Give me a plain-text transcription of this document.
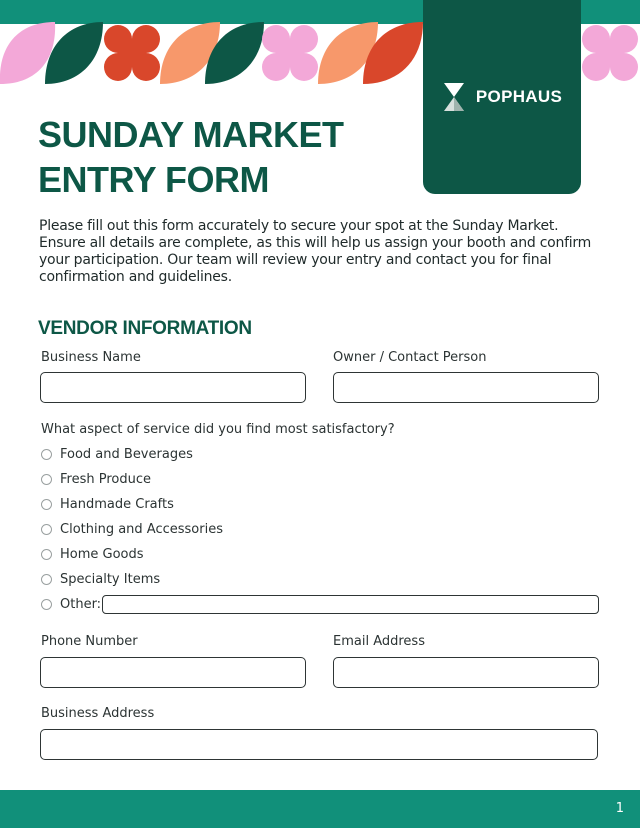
POPHAUS
SUNDAY MARKET
ENTRY FORM

Please fill out this form accurately to secure your spot at the Sunday Market. Ensure all details are complete, as this will help us assign your booth and confirm your participation. Our team will review your entry and contact you for final confirmation and guidelines.

VENDOR INFORMATION
Business Name	Owner / Contact Person
What aspect of service did you find most satisfactory?
Food and Beverages
Fresh Produce
Handmade Crafts
Clothing and Accessories
Home Goods
Specialty Items
Other:
Phone Number	Email Address
Business Address
1
